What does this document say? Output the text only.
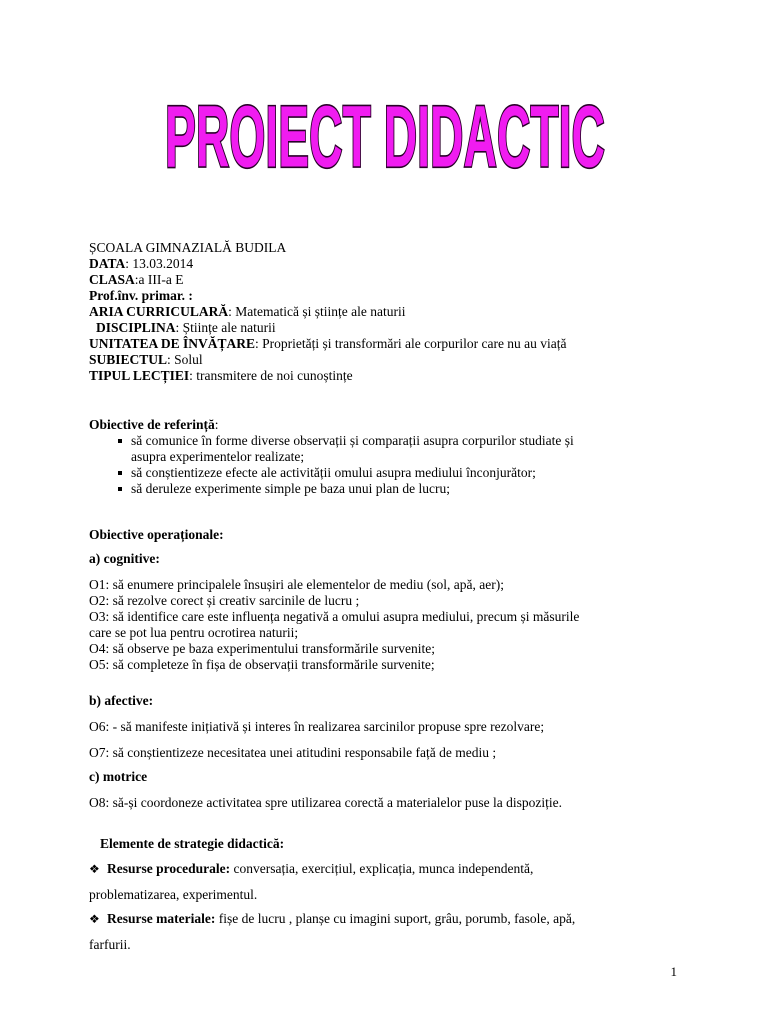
PROIECT DIDACTIC
ȘCOALA GIMNAZIALĂ BUDILA
DATA: 13.03.2014
CLASA:a III-a E
Prof.înv. primar. :
ARIA CURRICULARĂ: Matematică și științe ale naturii
DISCIPLINA: Științe ale naturii
UNITATEA DE ÎNVĂȚARE: Proprietăți și transformări ale corpurilor care nu au viață
SUBIECTUL: Solul
TIPUL LECȚIEI: transmitere de noi cunoștințe
Obiective de referință:
să comunice în forme diverse observații și comparații asupra corpurilor studiate și
asupra experimentelor realizate;
să conștientizeze efecte ale activității omului asupra mediului înconjurător;
să deruleze experimente simple pe baza unui plan de lucru;
Obiective operaționale:
a) cognitive:
O1: să enumere principalele însușiri ale elementelor de mediu (sol, apă, aer);
O2: să rezolve corect și creativ sarcinile de lucru ;
O3: să identifice care este influența negativă a omului asupra mediului, precum și măsurile
care se pot lua pentru ocrotirea naturii;
O4: să observe pe baza experimentului transformările survenite;
O5: să completeze în fișa de observații transformările survenite;
b) afective:
O6: - să manifeste inițiativă și interes în realizarea sarcinilor propuse spre rezolvare;
O7: să conștientizeze necesitatea unei atitudini responsabile față de mediu ;
c) motrice
O8: să-și coordoneze activitatea spre utilizarea corectă a materialelor puse la dispoziție.
Elemente de strategie didactică:
❖ Resurse procedurale: conversația, exercițiul, explicația, munca independentă,
problematizarea, experimentul.
❖ Resurse materiale: fișe de lucru , planșe cu imagini suport, grâu, porumb, fasole, apă,
farfurii.
1
